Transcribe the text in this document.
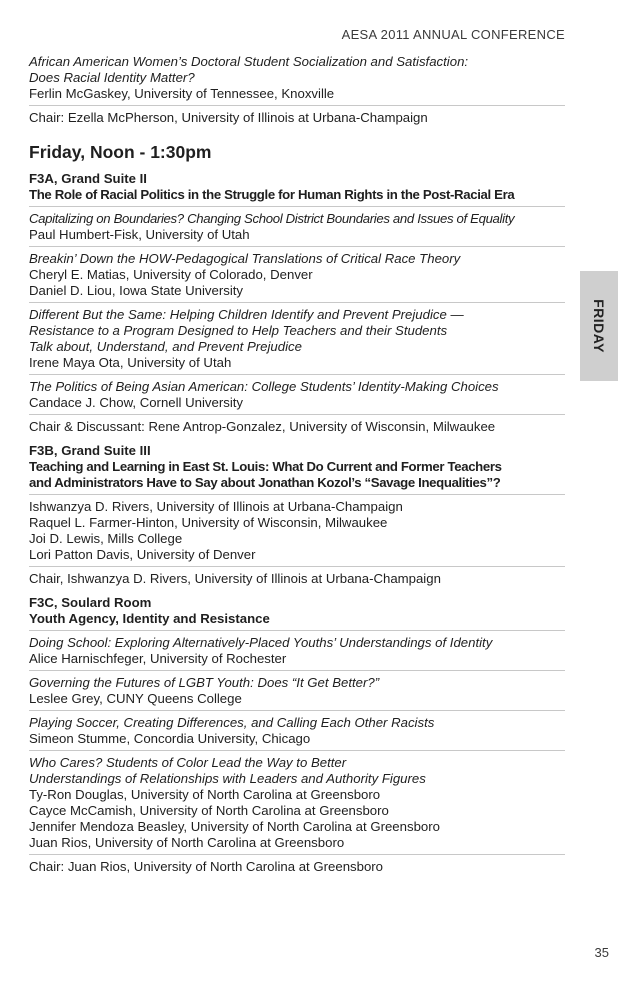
AESA 2011 ANNUAL CONFERENCE
FRIDAY
African American Women’s Doctoral Student Socialization and Satisfaction:
Does Racial Identity Matter?
Ferlin McGaskey, University of Tennessee, Knoxville
Chair: Ezella McPherson, University of Illinois at Urbana-Champaign
Friday, Noon - 1:30pm
F3A, Grand Suite II
The Role of Racial Politics in the Struggle for Human Rights in the Post-Racial Era
Capitalizing on Boundaries? Changing School District Boundaries and Issues of Equality
Paul Humbert-Fisk, University of Utah
Breakin’ Down the HOW-Pedagogical Translations of Critical Race Theory
Cheryl E. Matias, University of Colorado, Denver
Daniel D. Liou, Iowa State University
Different But the Same: Helping Children Identify and Prevent Prejudice —
Resistance to a Program Designed to Help Teachers and their Students
Talk about, Understand, and Prevent Prejudice
Irene Maya Ota, University of Utah
The Politics of Being Asian American: College Students’ Identity-Making Choices
Candace J. Chow, Cornell University
Chair & Discussant: Rene Antrop-Gonzalez, University of Wisconsin, Milwaukee
F3B, Grand Suite III
Teaching and Learning in East St. Louis: What Do Current and Former Teachers
and Administrators Have to Say about Jonathan Kozol’s “Savage Inequalities”?
Ishwanzya D. Rivers, University of Illinois at Urbana-Champaign
Raquel L. Farmer-Hinton, University of Wisconsin, Milwaukee
Joi D. Lewis, Mills College
Lori Patton Davis, University of Denver
Chair, Ishwanzya D. Rivers, University of Illinois at Urbana-Champaign
F3C, Soulard Room
Youth Agency, Identity and Resistance
Doing School: Exploring Alternatively-Placed Youths’ Understandings of Identity
Alice Harnischfeger, University of Rochester
Governing the Futures of LGBT Youth: Does “It Get Better?”
Leslee Grey, CUNY Queens College
Playing Soccer, Creating Differences, and Calling Each Other Racists
Simeon Stumme, Concordia University, Chicago
Who Cares? Students of Color Lead the Way to Better
Understandings of Relationships with Leaders and Authority Figures
Ty-Ron Douglas, University of North Carolina at Greensboro
Cayce McCamish, University of North Carolina at Greensboro
Jennifer Mendoza Beasley, University of North Carolina at Greensboro
Juan Rios, University of North Carolina at Greensboro
Chair: Juan Rios, University of North Carolina at Greensboro
35
